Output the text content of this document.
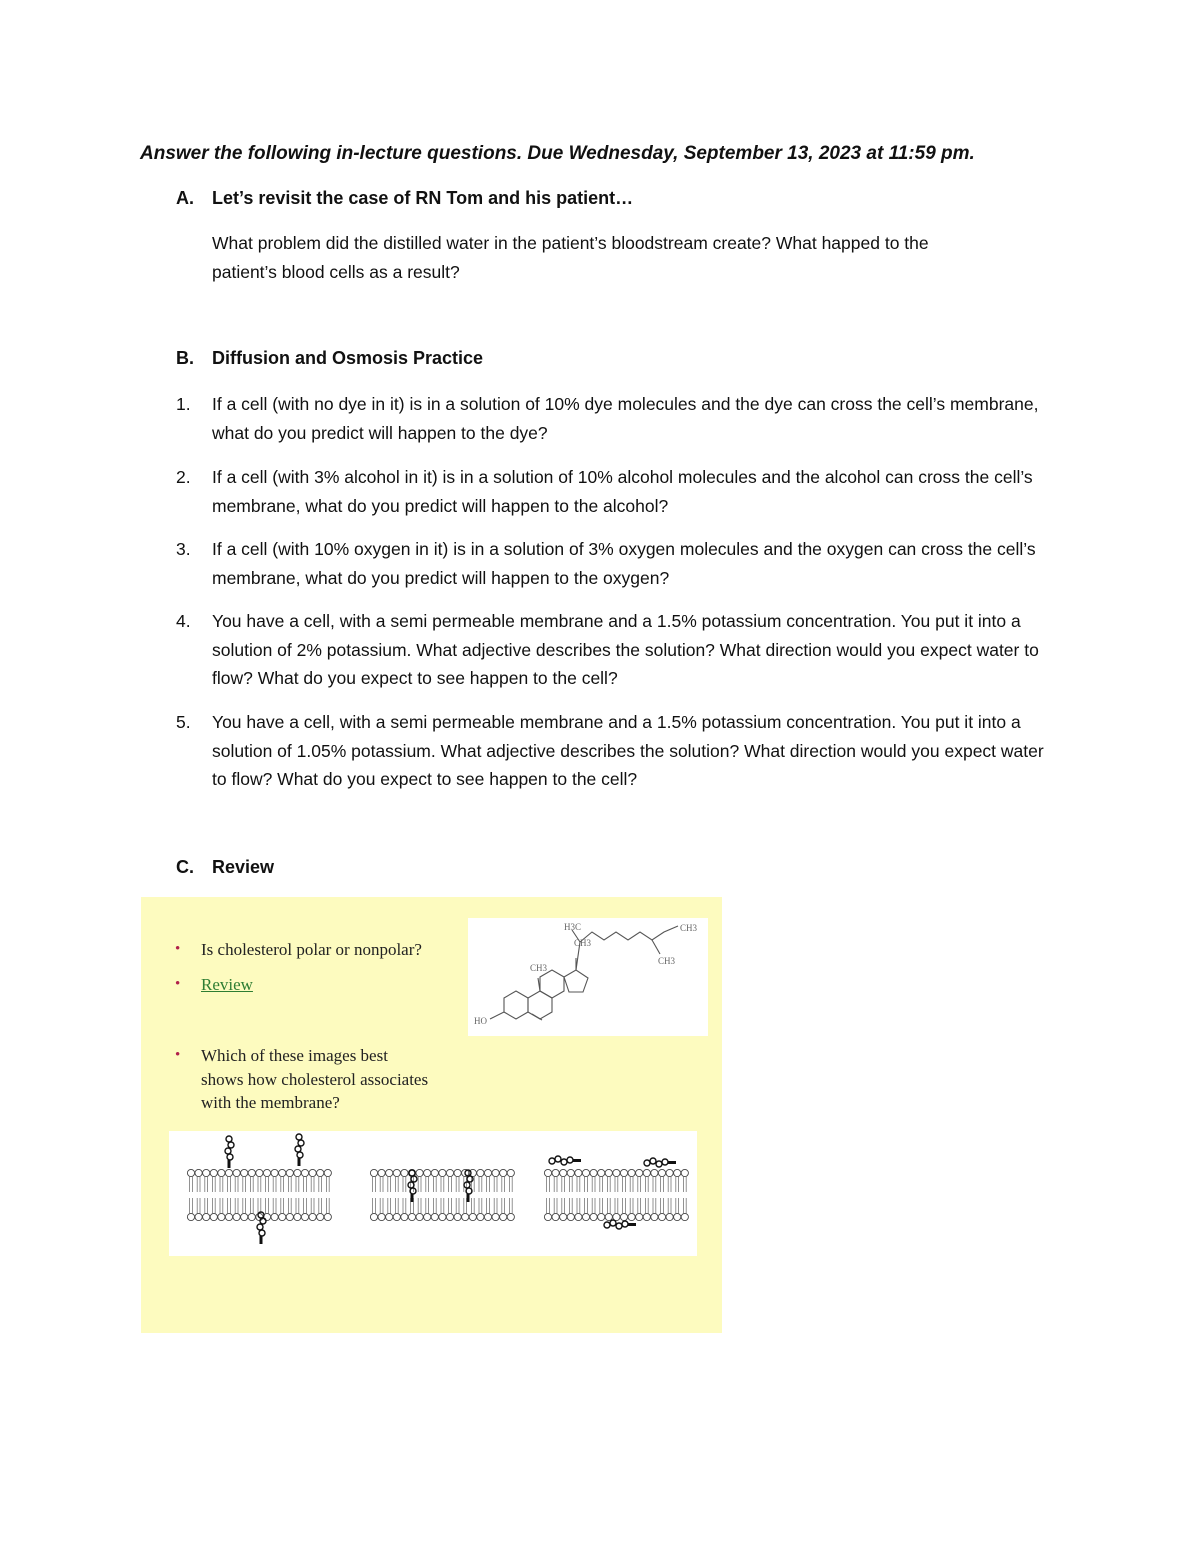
Answer the following in-lecture questions. Due Wednesday, September 13, 2023 at 11:59 pm.
A.	Let’s revisit the case of RN Tom and his patient…
What problem did the distilled water in the patient’s bloodstream create? What happed to the
patient’s blood cells as a result?
B.	Diffusion and Osmosis Practice
1.	If a cell (with no dye in it) is in a solution of 10% dye molecules and the dye can cross the cell’s membrane, what do you predict will happen to the dye?
2.	If a cell (with 3% alcohol in it) is in a solution of 10% alcohol molecules and the alcohol can cross the cell’s membrane, what do you predict will happen to the alcohol?
3.	If a cell (with 10% oxygen in it) is in a solution of 3% oxygen molecules and the oxygen can cross the cell’s membrane, what do you predict will happen to the oxygen?
4.	You have a cell, with a semi permeable membrane and a 1.5% potassium concentration. You put it into a solution of 2% potassium. What adjective describes the solution? What direction would you expect water to flow? What do you expect to see happen to the cell?
5.	You have a cell, with a semi permeable membrane and a 1.5% potassium concentration. You put it into a solution of 1.05% potassium. What adjective describes the solution? What direction would you expect water to flow? What do you expect to see happen to the cell?
C.	Review
•	Is cholesterol polar or nonpolar?
•	Review
•	Which of these images best
shows how cholesterol associates
with the membrane?
H3C
CH3
CH3
CH3
CH3
HO
